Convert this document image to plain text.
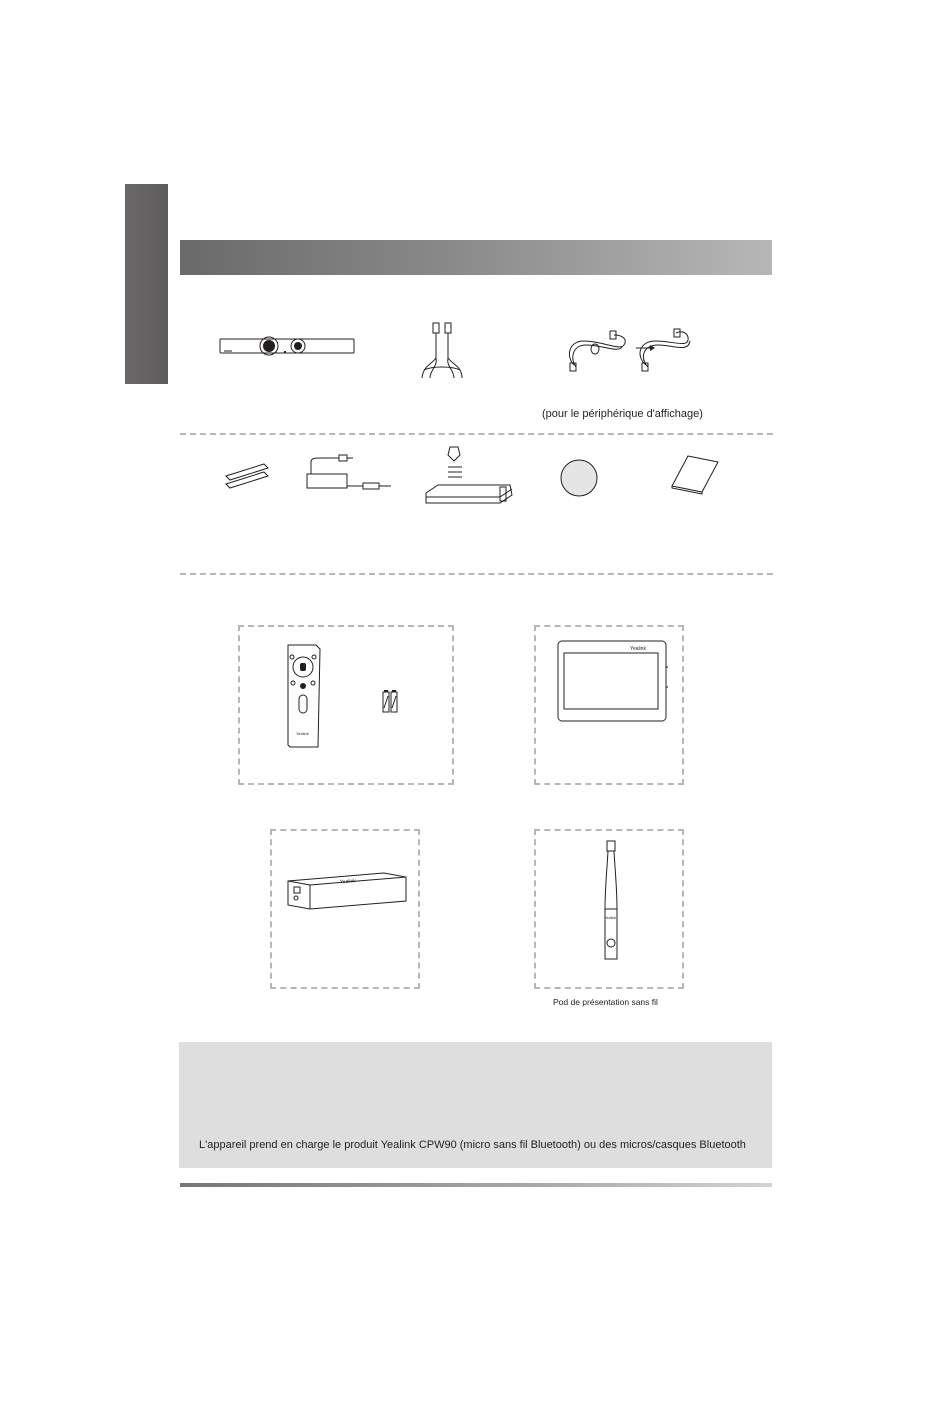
(pour le périphérique d'affichage)
Yealink
Yealink
Yealink
Yealink
Pod de présentation sans fil
L'appareil prend en charge le produit Yealink CPW90 (micro sans fil Bluetooth) ou des micros/casques Bluetooth
